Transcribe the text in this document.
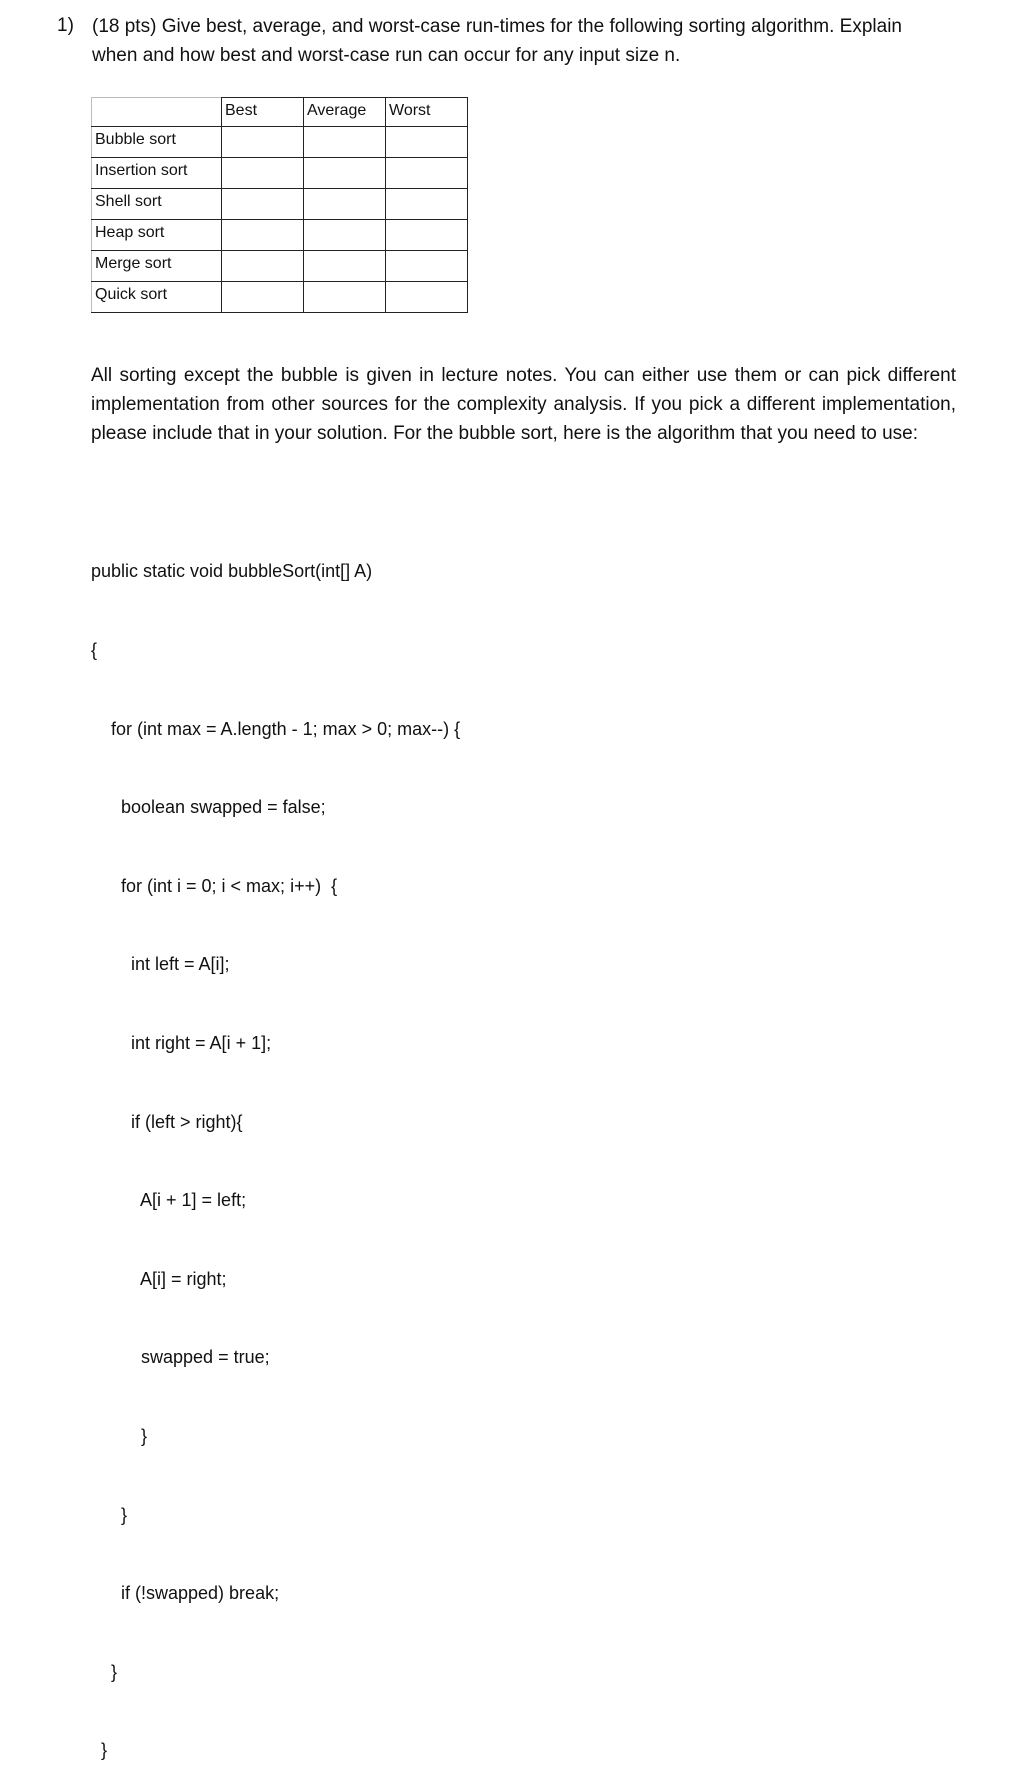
1) (18 pts) Give best, average, and worst-case run-times for the following sorting algorithm. Explain
when and how best and worst-case run can occur for any input size n.
	Best	Average	Worst
Bubble sort			
Insertion sort			
Shell sort			
Heap sort			
Merge sort			
Quick sort			
All sorting except the bubble is given in lecture notes. You can either use them or can pick different implementation from other sources for the complexity analysis. If you pick a different implementation, please include that in your solution. For the bubble sort, here is the algorithm that you need to use:

public static void bubbleSort(int[] A)

{

for (int max = A.length - 1; max > 0; max--) {

boolean swapped = false;

for (int i = 0; i < max; i++)  {

int left = A[i];

int right = A[i + 1];

if (left > right){

A[i + 1] = left;

A[i] = right;

swapped = true;

}

}

if (!swapped) break;

}

}
